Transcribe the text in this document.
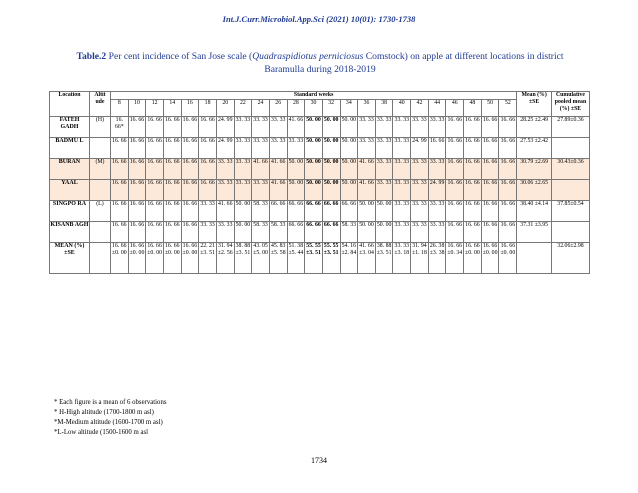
Int.J.Curr.Microbiol.App.Sci (2021) 10(01): 1730-1738
Table.2 Per cent incidence of San Jose scale (Quadraspidiotus perniciosus Comstock) on apple at different locations in district Baramulla during 2018-2019
Location	Altit ude	Standard weeks																							Mean (%) ±SE	Cumulative pooled mean (%) ±SE
		8	10	12	14	16	18	20	22	24	26	28	30	32	34	36	38	40	42	44	46	48	50	52		
FATEH GADH	(H)	16. 66*	16. 66	16. 66	16. 66	16. 66	16. 66	24. 99	33. 33	33. 33	33. 33	41. 66	50. 00	50. 00	50. 00	33. 33	33. 33	33. 33	33. 33	33. 33	16. 66	16. 66	16. 66	16. 66	28.25 ±2.49	27.89±0.36
BADMU L		16. 66	16. 66	16. 66	16. 66	16. 66	16. 66	24. 99	33. 33	33. 33	33. 33	33. 33	50. 00	50. 00	50. 00	33. 33	33. 33	33. 33	24. 99	16. 66	16. 66	16. 66	16. 66	16. 66	27.53 ±2.42	
BURAN	(M)	16. 66	16. 66	16. 66	16. 66	16. 66	16. 66	33. 33	33. 33	41. 66	41. 66	50. 00	50. 00	50. 00	50. 00	41. 66	33. 33	33. 33	33. 33	33. 33	16. 66	16. 66	16. 66	16. 66	30.79 ±2.69	30.43±0.36
YAAL		16. 66	16. 66	16. 66	16. 66	16. 66	16. 66	33. 33	33. 33	33. 33	41. 66	50. 00	50. 00	50. 00	50. 00	41. 66	33. 33	33. 33	33. 33	24. 99	16. 66	16. 66	16. 66	16. 66	30.06 ±2.65	
SINGPO RA	(L)	16. 66	16. 66	16. 66	16. 66	16. 66	33. 33	41. 66	50. 00	58. 33	66. 66	66. 66	66. 66	66. 66	66. 66	50. 00	50. 00	33. 33	33. 33	33. 33	16. 66	16. 66	16. 66	16. 66	38.40 ±4.14	37.85±0.54
KISANB AGH		16. 66	16. 66	16. 66	16. 66	16. 66	33. 33	33. 33	50. 00	58. 33	58. 33	66. 66	66. 66	66. 66	58. 33	50. 00	50. 00	33. 33	33. 33	33. 33	16. 66	16. 66	16. 66	16. 66	37.31 ±3.95	
MEAN (%) ±SE		16. 66 ±0. 00	16. 66 ±0. 00	16. 66 ±0. 00	16. 66 ±0. 00	16. 66 ±0. 00	22. 21 ±3. 51	31. 94 ±2. 56	38. 88 ±3. 51	43. 05 ±5. 00	45. 83 ±5. 58	51. 38 ±5. 44	55. 55 ±3. 51	55. 55 ±3. 51	54. 16 ±2. 84	41. 66 ±3. 04	38. 88 ±3. 51	33. 33 ±3. 18	31. 94 ±1. 18	26. 38 ±3. 38	16. 66 ±0. 34	16. 66 ±0. 00	16. 66 ±0. 00	16. 66 ±0. 00		32.06±2.98
* Each figure is a mean of 6 observations
* H-High altitude (1700-1800 m asl)
*M-Medium altitude (1600-1700 m asl)
*L-Low altitude (1500-1600 m asl
1734
